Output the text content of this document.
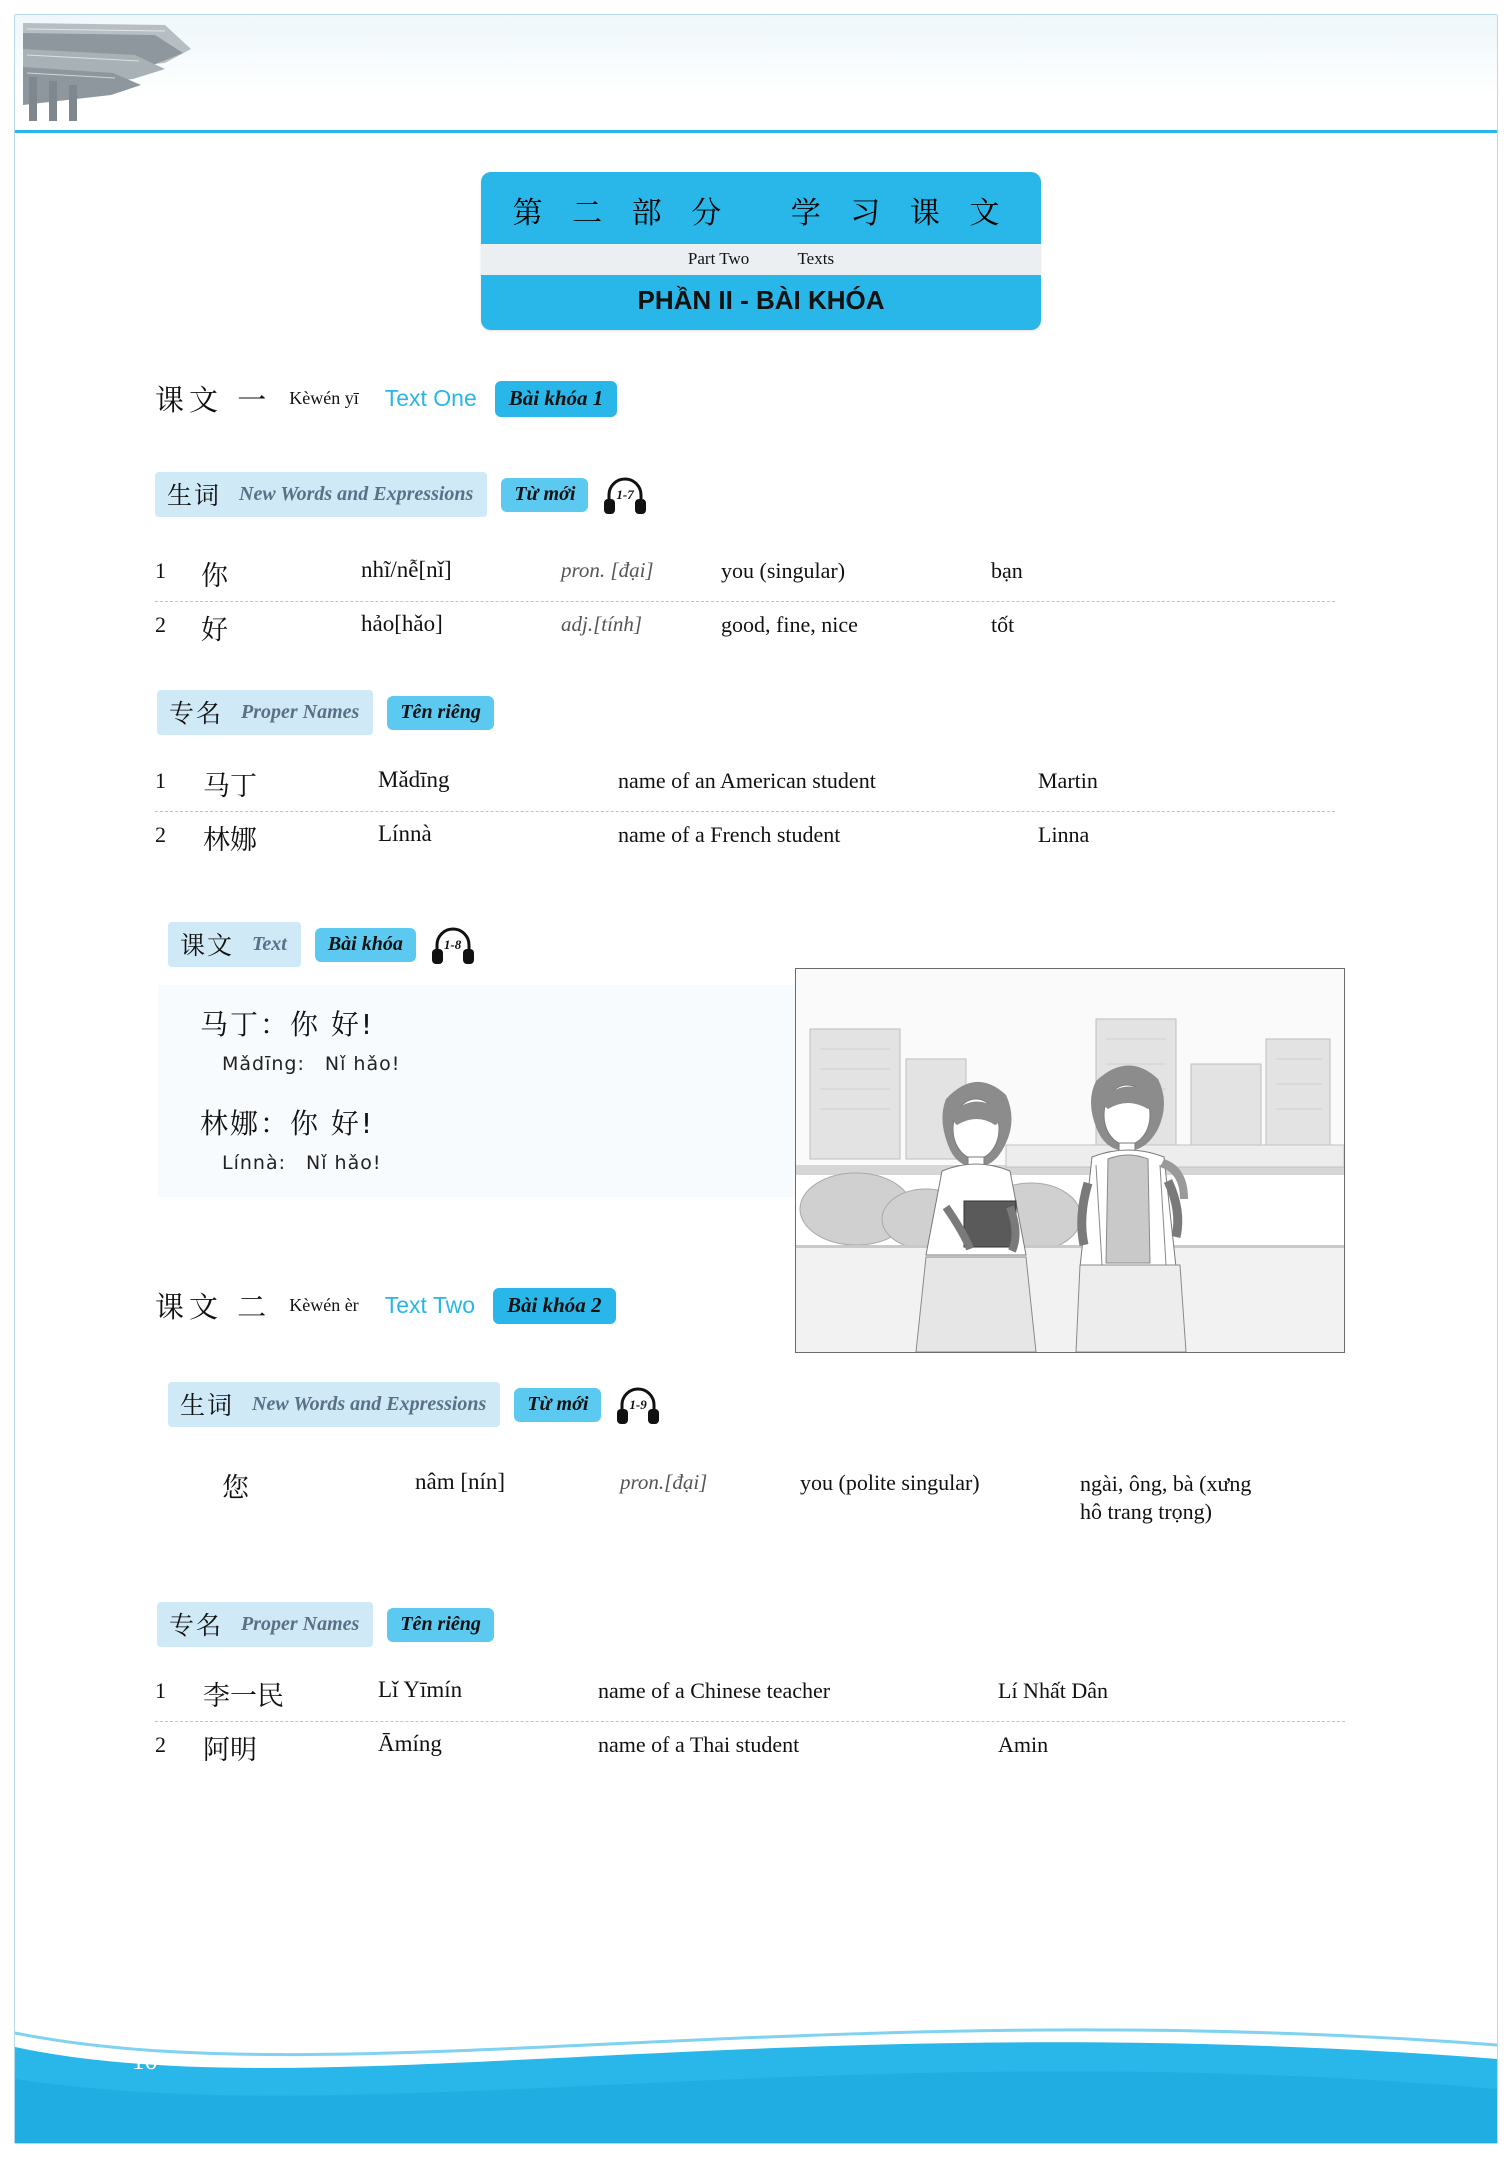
第 二 部 分　 学 习 课 文
Part Two	Texts
PHẦN II - BÀI KHÓA
课文 一 Kèwén yī Text One	Bài khóa 1
生词 New Words and Expressions	Từ mới	1-7
1	你	nhĩ/nễ[nǐ]	pron. [đại]	you (singular)	bạn
2	好	hảo[hǎo]	adj.[tính]	good, fine, nice	tốt
专名 Proper Names	Tên riêng
1	马丁	Mǎdīng	name of an American student	Martin
2	林娜	Línnà	name of a French student	Linna
课文 Text	Bài khóa	1-8
马丁：你 好!
Mǎdīng:　Nǐ hǎo!
林娜：你 好!
Línnà:　Nǐ hǎo!
课文 二 Kèwén èr Text Two	Bài khóa 2
生词 New Words and Expressions	Từ mới	1-9
您	nâm [nín]	pron.[đại]	you (polite singular)	ngài, ông, bà (xưng hô trang trọng)
专名 Proper Names	Tên riêng
1	李一民	Lǐ Yīmín	name of a Chinese teacher	Lí Nhất Dân
2	阿明	Āmíng	name of a Thai student	Amin
16
